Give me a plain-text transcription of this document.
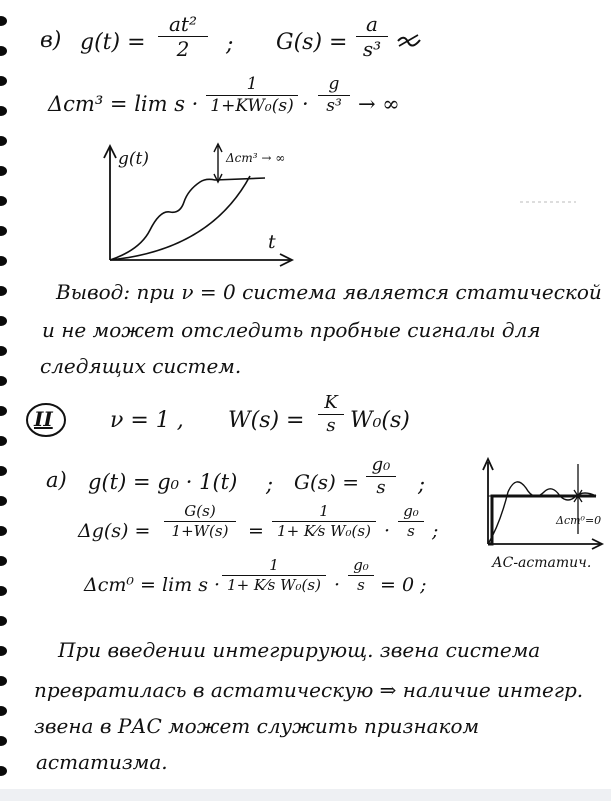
в) g(t) =
at²
2	; G(s) =
a
s³
Δст³ = lim s ·
1
1+KW₀(s) ·
g
s³ → ∞
g(t)
t
Δст³ → ∞
Вывод: при ν = 0 система является статической
и не может отследить пробные сигналы для
следящих систем.
II	ν = 1 , W(s) =
K
s W₀(s)
а) g(t) = g₀ · 1(t) ; G(s) =
g₀
s	;
Δg(s) =
G(s)
1+W(s)	=
1
1+ K⁄s W₀(s) ·
g₀
s ;
Δст⁰ = lim s ·
1
1+ K⁄s W₀(s) ·
g₀
s = 0 ;
Δст⁰=0
АС-астатич.
При введении интегрирующ. звена система
превратилась в астатическую ⇒ наличие интегр.
звена в РАС может служить признаком
астатизма.
